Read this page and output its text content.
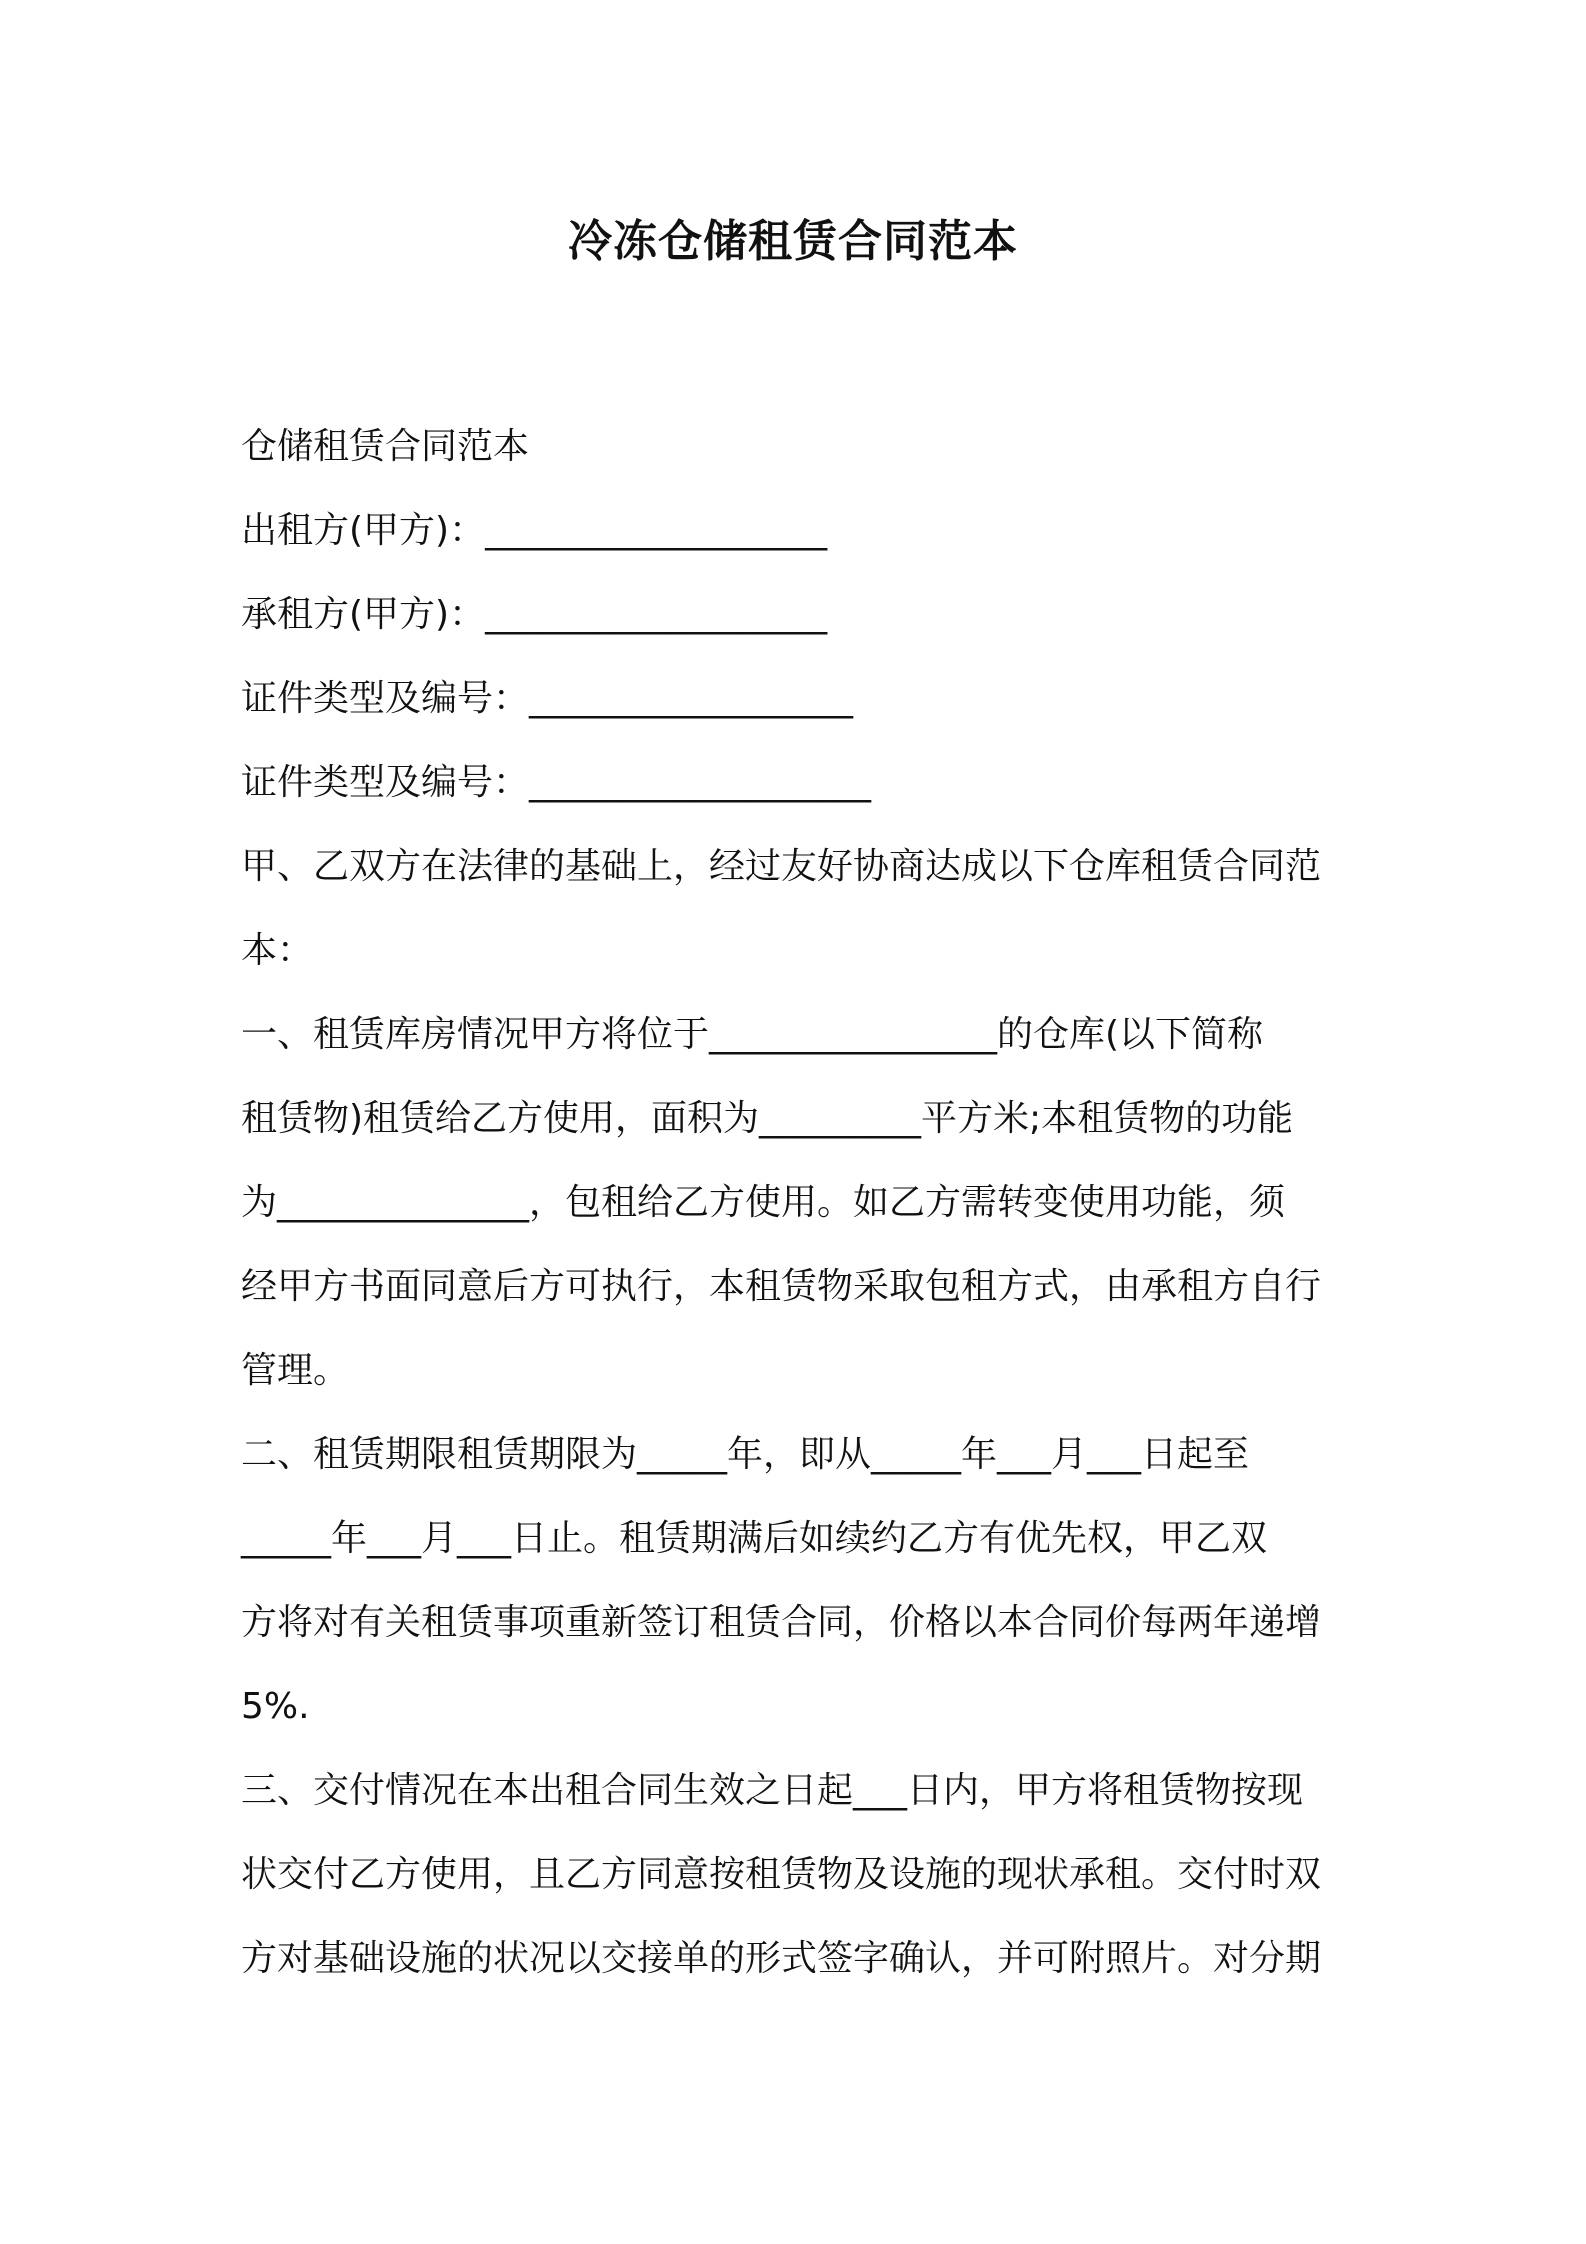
冷冻仓储租赁合同范本

仓储租赁合同范本

出租方(甲方)：___________________

承租方(甲方)：___________________

证件类型及编号：__________________

证件类型及编号：___________________

甲、乙双方在法律的基础上，经过友好协商达成以下仓库租赁合同范

本：

一、租赁库房情况甲方将位于________________的仓库(以下简称

租赁物)租赁给乙方使用，面积为_________平方米;本租赁物的功能

为______________，包租给乙方使用。如乙方需转变使用功能，须

经甲方书面同意后方可执行，本租赁物采取包租方式，由承租方自行

管理。

二、租赁期限租赁期限为_____年，即从_____年___月___日起至

_____年___月___日止。租赁期满后如续约乙方有优先权，甲乙双

方将对有关租赁事项重新签订租赁合同，价格以本合同价每两年递增

5%.

三、交付情况在本出租合同生效之日起___日内，甲方将租赁物按现

状交付乙方使用，且乙方同意按租赁物及设施的现状承租。交付时双

方对基础设施的状况以交接单的形式签字确认，并可附照片。对分期
